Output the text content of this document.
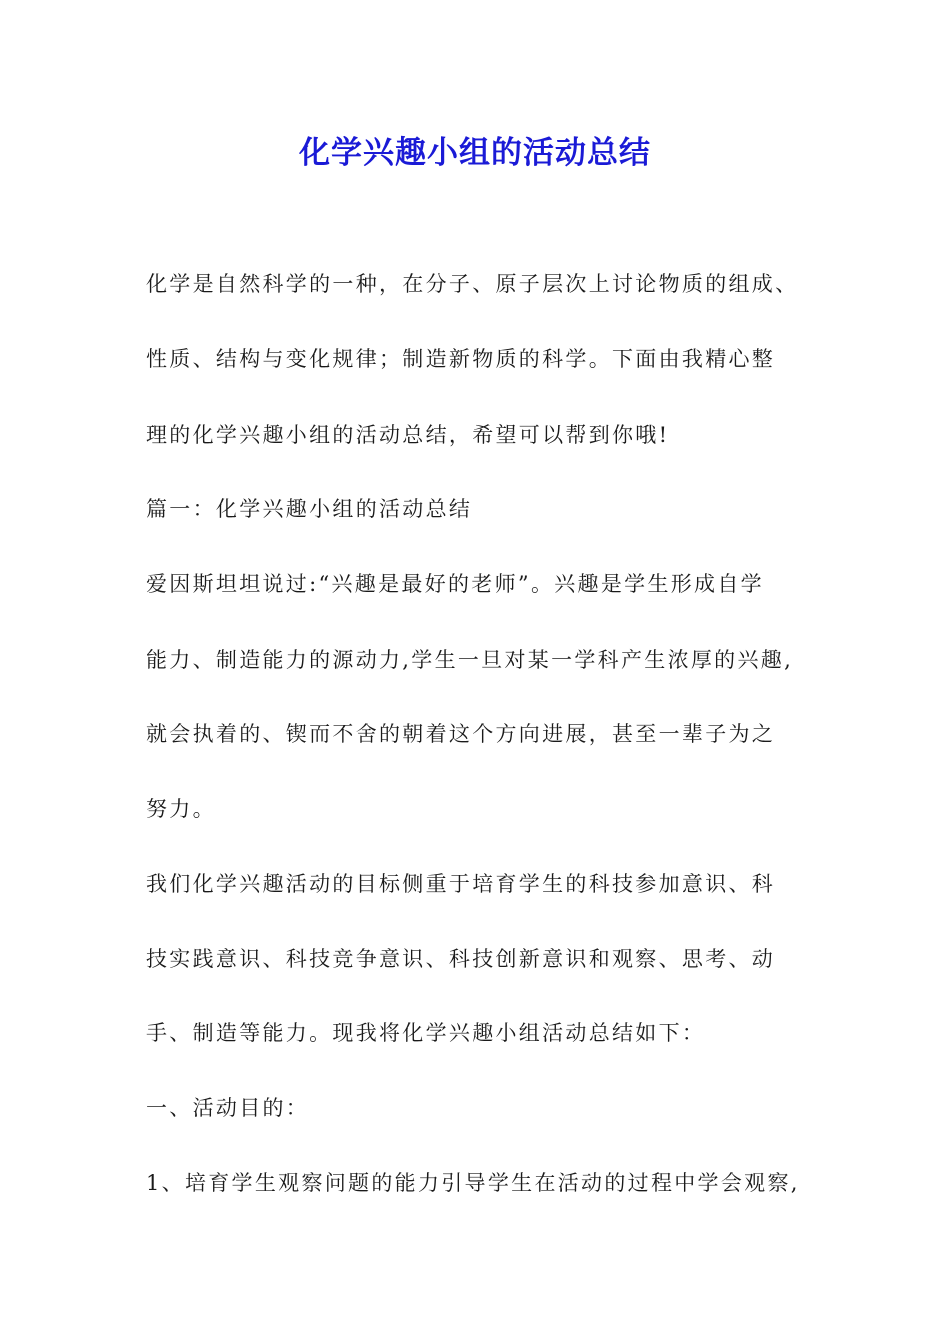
化学兴趣小组的活动总结
化学是自然科学的一种，在分子、原子层次上讨论物质的组成、
性质、结构与变化规律；制造新物质的科学。下面由我精心整
理的化学兴趣小组的活动总结，希望可以帮到你哦!
篇一：化学兴趣小组的活动总结
爱因斯坦坦说过:“兴趣是最好的老师”。兴趣是学生形成自学
能力、制造能力的源动力,学生一旦对某一学科产生浓厚的兴趣,
就会执着的、锲而不舍的朝着这个方向进展，甚至一辈子为之
努力。
我们化学兴趣活动的目标侧重于培育学生的科技参加意识、科
技实践意识、科技竞争意识、科技创新意识和观察、思考、动
手、制造等能力。现我将化学兴趣小组活动总结如下：
一、活动目的：
1、培育学生观察问题的能力引导学生在活动的过程中学会观察,
